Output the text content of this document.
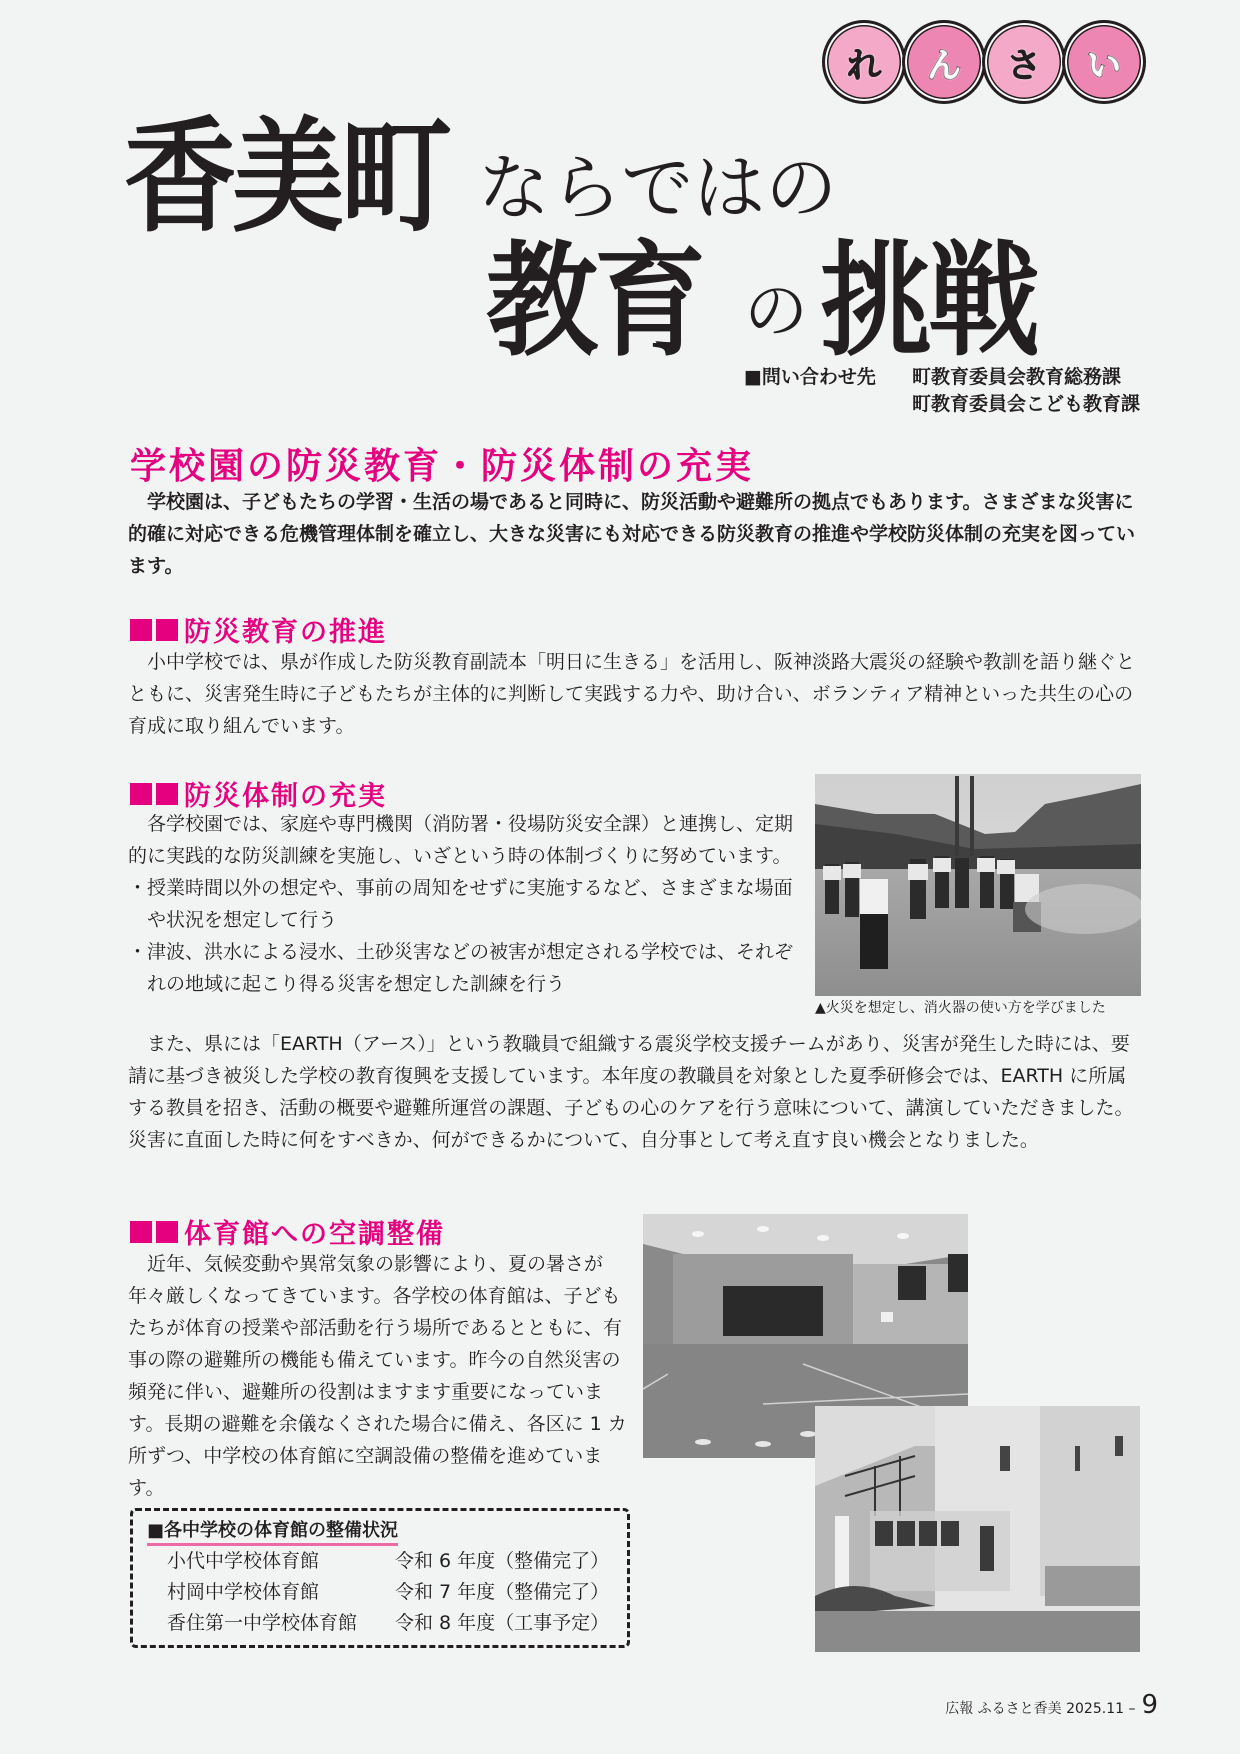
れ ん さ い
香美町 ならではの
教育 の 挑戦
■問い合わせ先	町教育委員会教育総務課
町教育委員会こども教育課
学校園の防災教育・防災体制の充実

学校園は、子どもたちの学習・生活の場であると同時に、防災活動や避難所の拠点でもあります。さまざまな災害に的確に対応できる危機管理体制を確立し、大きな災害にも対応できる防災教育の推進や学校防災体制の充実を図っています。

防災教育の推進

小中学校では、県が作成した防災教育副読本「明日に生きる」を活用し、阪神淡路大震災の経験や教訓を語り継ぐとともに、災害発生時に子どもたちが主体的に判断して実践する力や、助け合い、ボランティア精神といった共生の心の育成に取り組んでいます。

防災体制の充実
各学校園では、家庭や専門機関（消防署・役場防災安全課）と連携し、定期的に実践的な防災訓練を実施し、いざという時の体制づくりに努めています。
・授業時間以外の想定や、事前の周知をせずに実施するなど、さまざまな場面や状況を想定して行う
・津波、洪水による浸水、土砂災害などの被害が想定される学校では、それぞれの地域に起こり得る災害を想定した訓練を行う
▲火災を想定し、消火器の使い方を学びました

また、県には「EARTH（アース）」という教職員で組織する震災学校支援チームがあり、災害が発生した時には、要請に基づき被災した学校の教育復興を支援しています。本年度の教職員を対象とした夏季研修会では、EARTH に所属する教員を招き、活動の概要や避難所運営の課題、子どもの心のケアを行う意味について、講演していただきました。災害に直面した時に何をすべきか、何ができるかについて、自分事として考え直す良い機会となりました。

体育館への空調整備

近年、気候変動や異常気象の影響により、夏の暑さが年々厳しくなってきています。各学校の体育館は、子どもたちが体育の授業や部活動を行う場所であるとともに、有事の際の避難所の機能も備えています。昨今の自然災害の頻発に伴い、避難所の役割はますます重要になっています。長期の避難を余儀なくされた場合に備え、各区に 1 カ所ずつ、中学校の体育館に空調設備の整備を進めています。

■各中学校の体育館の整備状況
小代中学校体育館	令和 6 年度（整備完了）
村岡中学校体育館	令和 7 年度（整備完了）
香住第一中学校体育館	令和 8 年度（工事予定）
広報 ふるさと香美
2025.11 – 9
